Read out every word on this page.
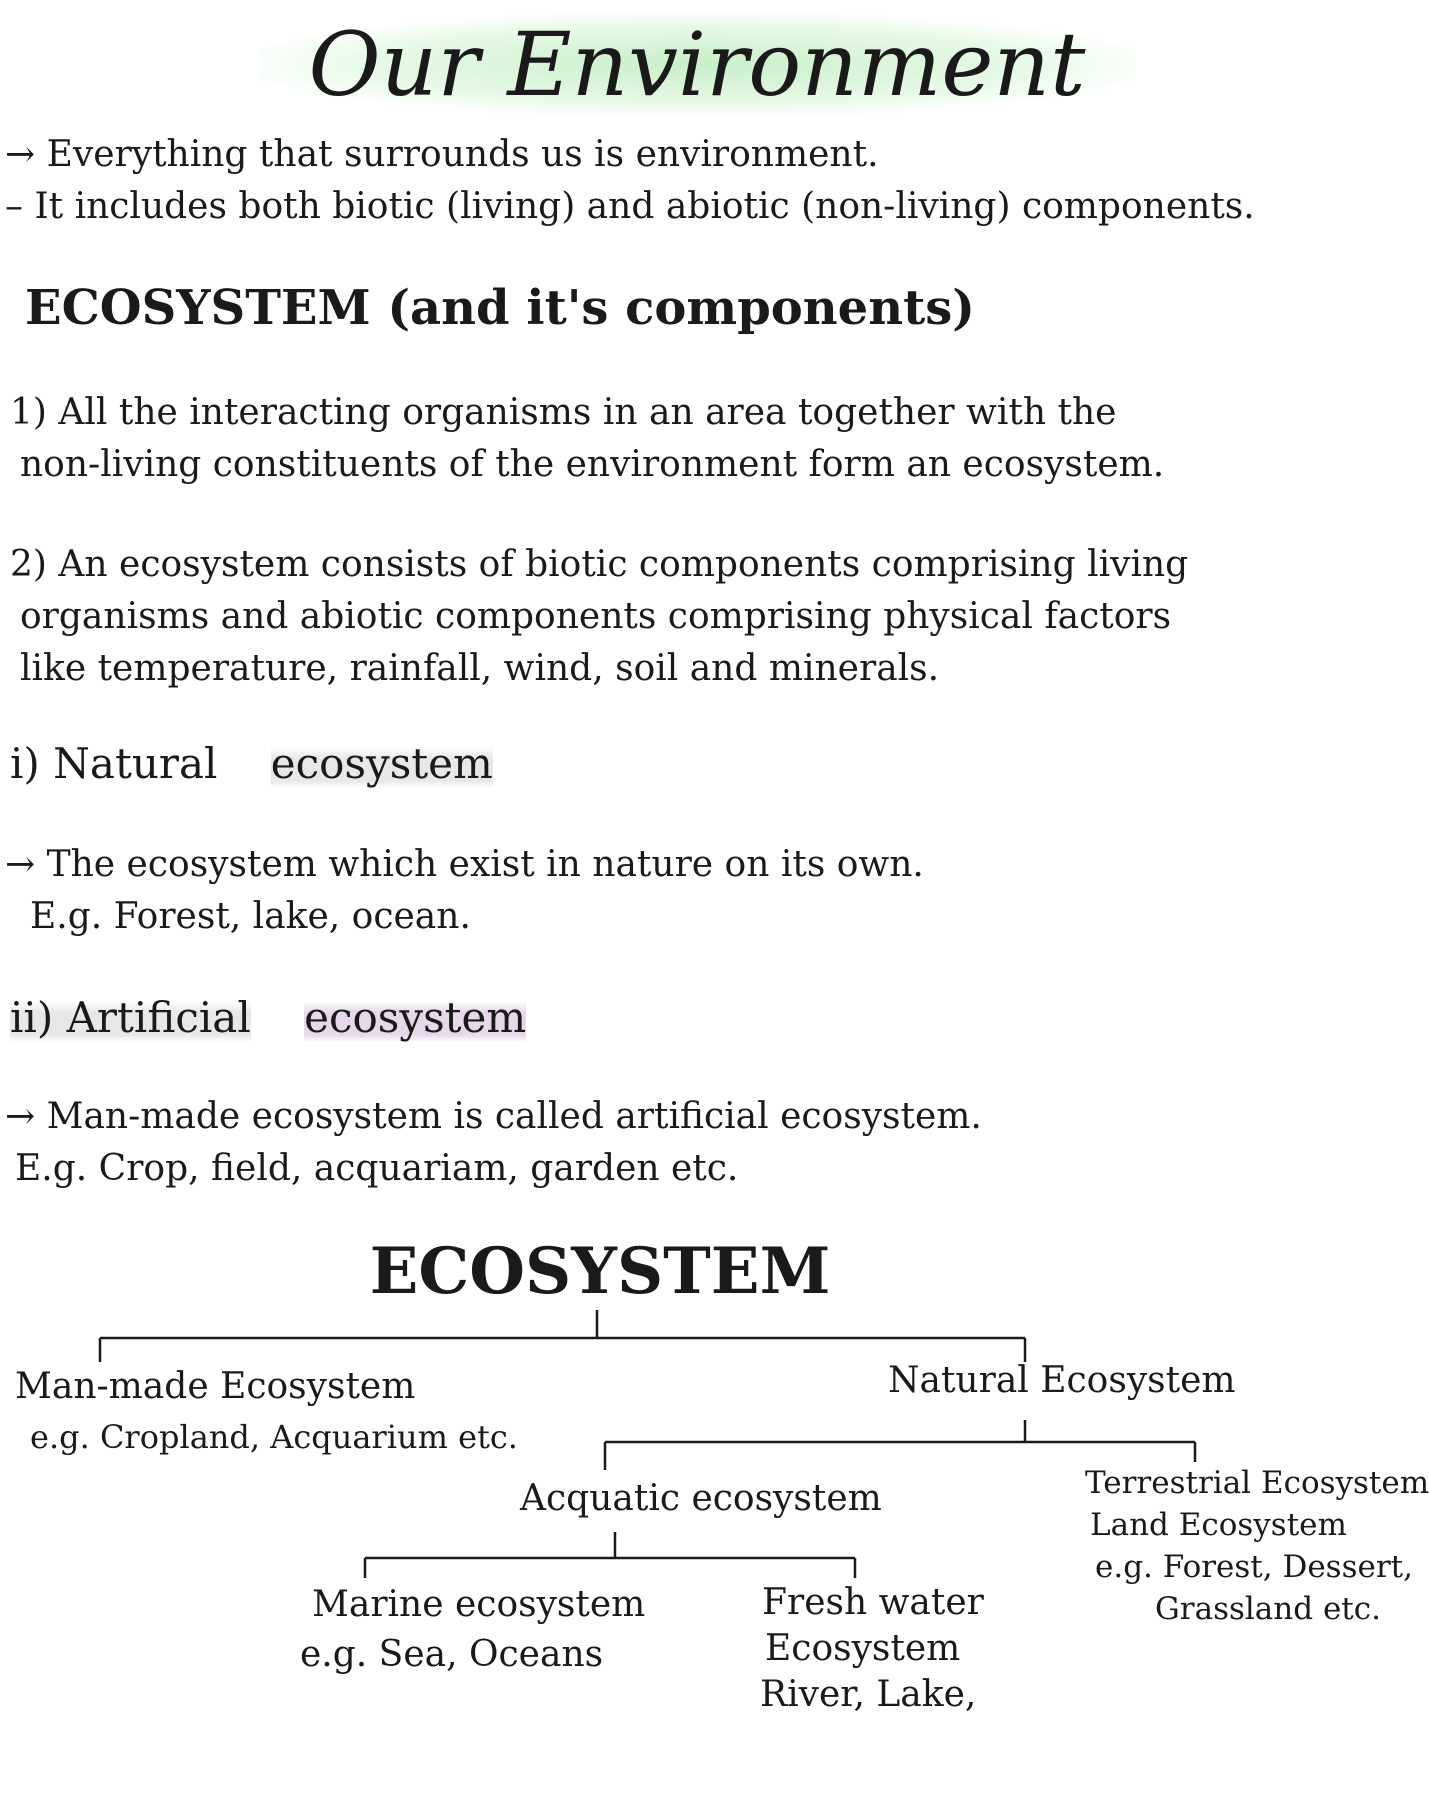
Our Environment
→ Everything that surrounds us is environment.
– It includes both biotic (living) and abiotic (non-living) components.
ECOSYSTEM (and it's components)
1) All the interacting organisms in an area together with the
non-living constituents of the environment form an ecosystem.
2) An ecosystem consists of biotic components comprising living
organisms and abiotic components comprising physical factors
like temperature, rainfall, wind, soil and minerals.
i) Natural ecosystem
→ The ecosystem which exist in nature on its own.
E.g. Forest, lake, ocean.
ii) Artificial ecosystem
→ Man-made ecosystem is called artificial ecosystem.
E.g. Crop, field, acquariam, garden etc.
ECOSYSTEM
Man-made Ecosystem
e.g. Cropland, Acquarium etc.
Natural Ecosystem
Acquatic ecosystem	Terrestrial Ecosystem
Land Ecosystem
e.g. Forest, Dessert,
Grassland etc.
Marine ecosystem
e.g. Sea, Oceans
Fresh water
Ecosystem
River, Lake,
